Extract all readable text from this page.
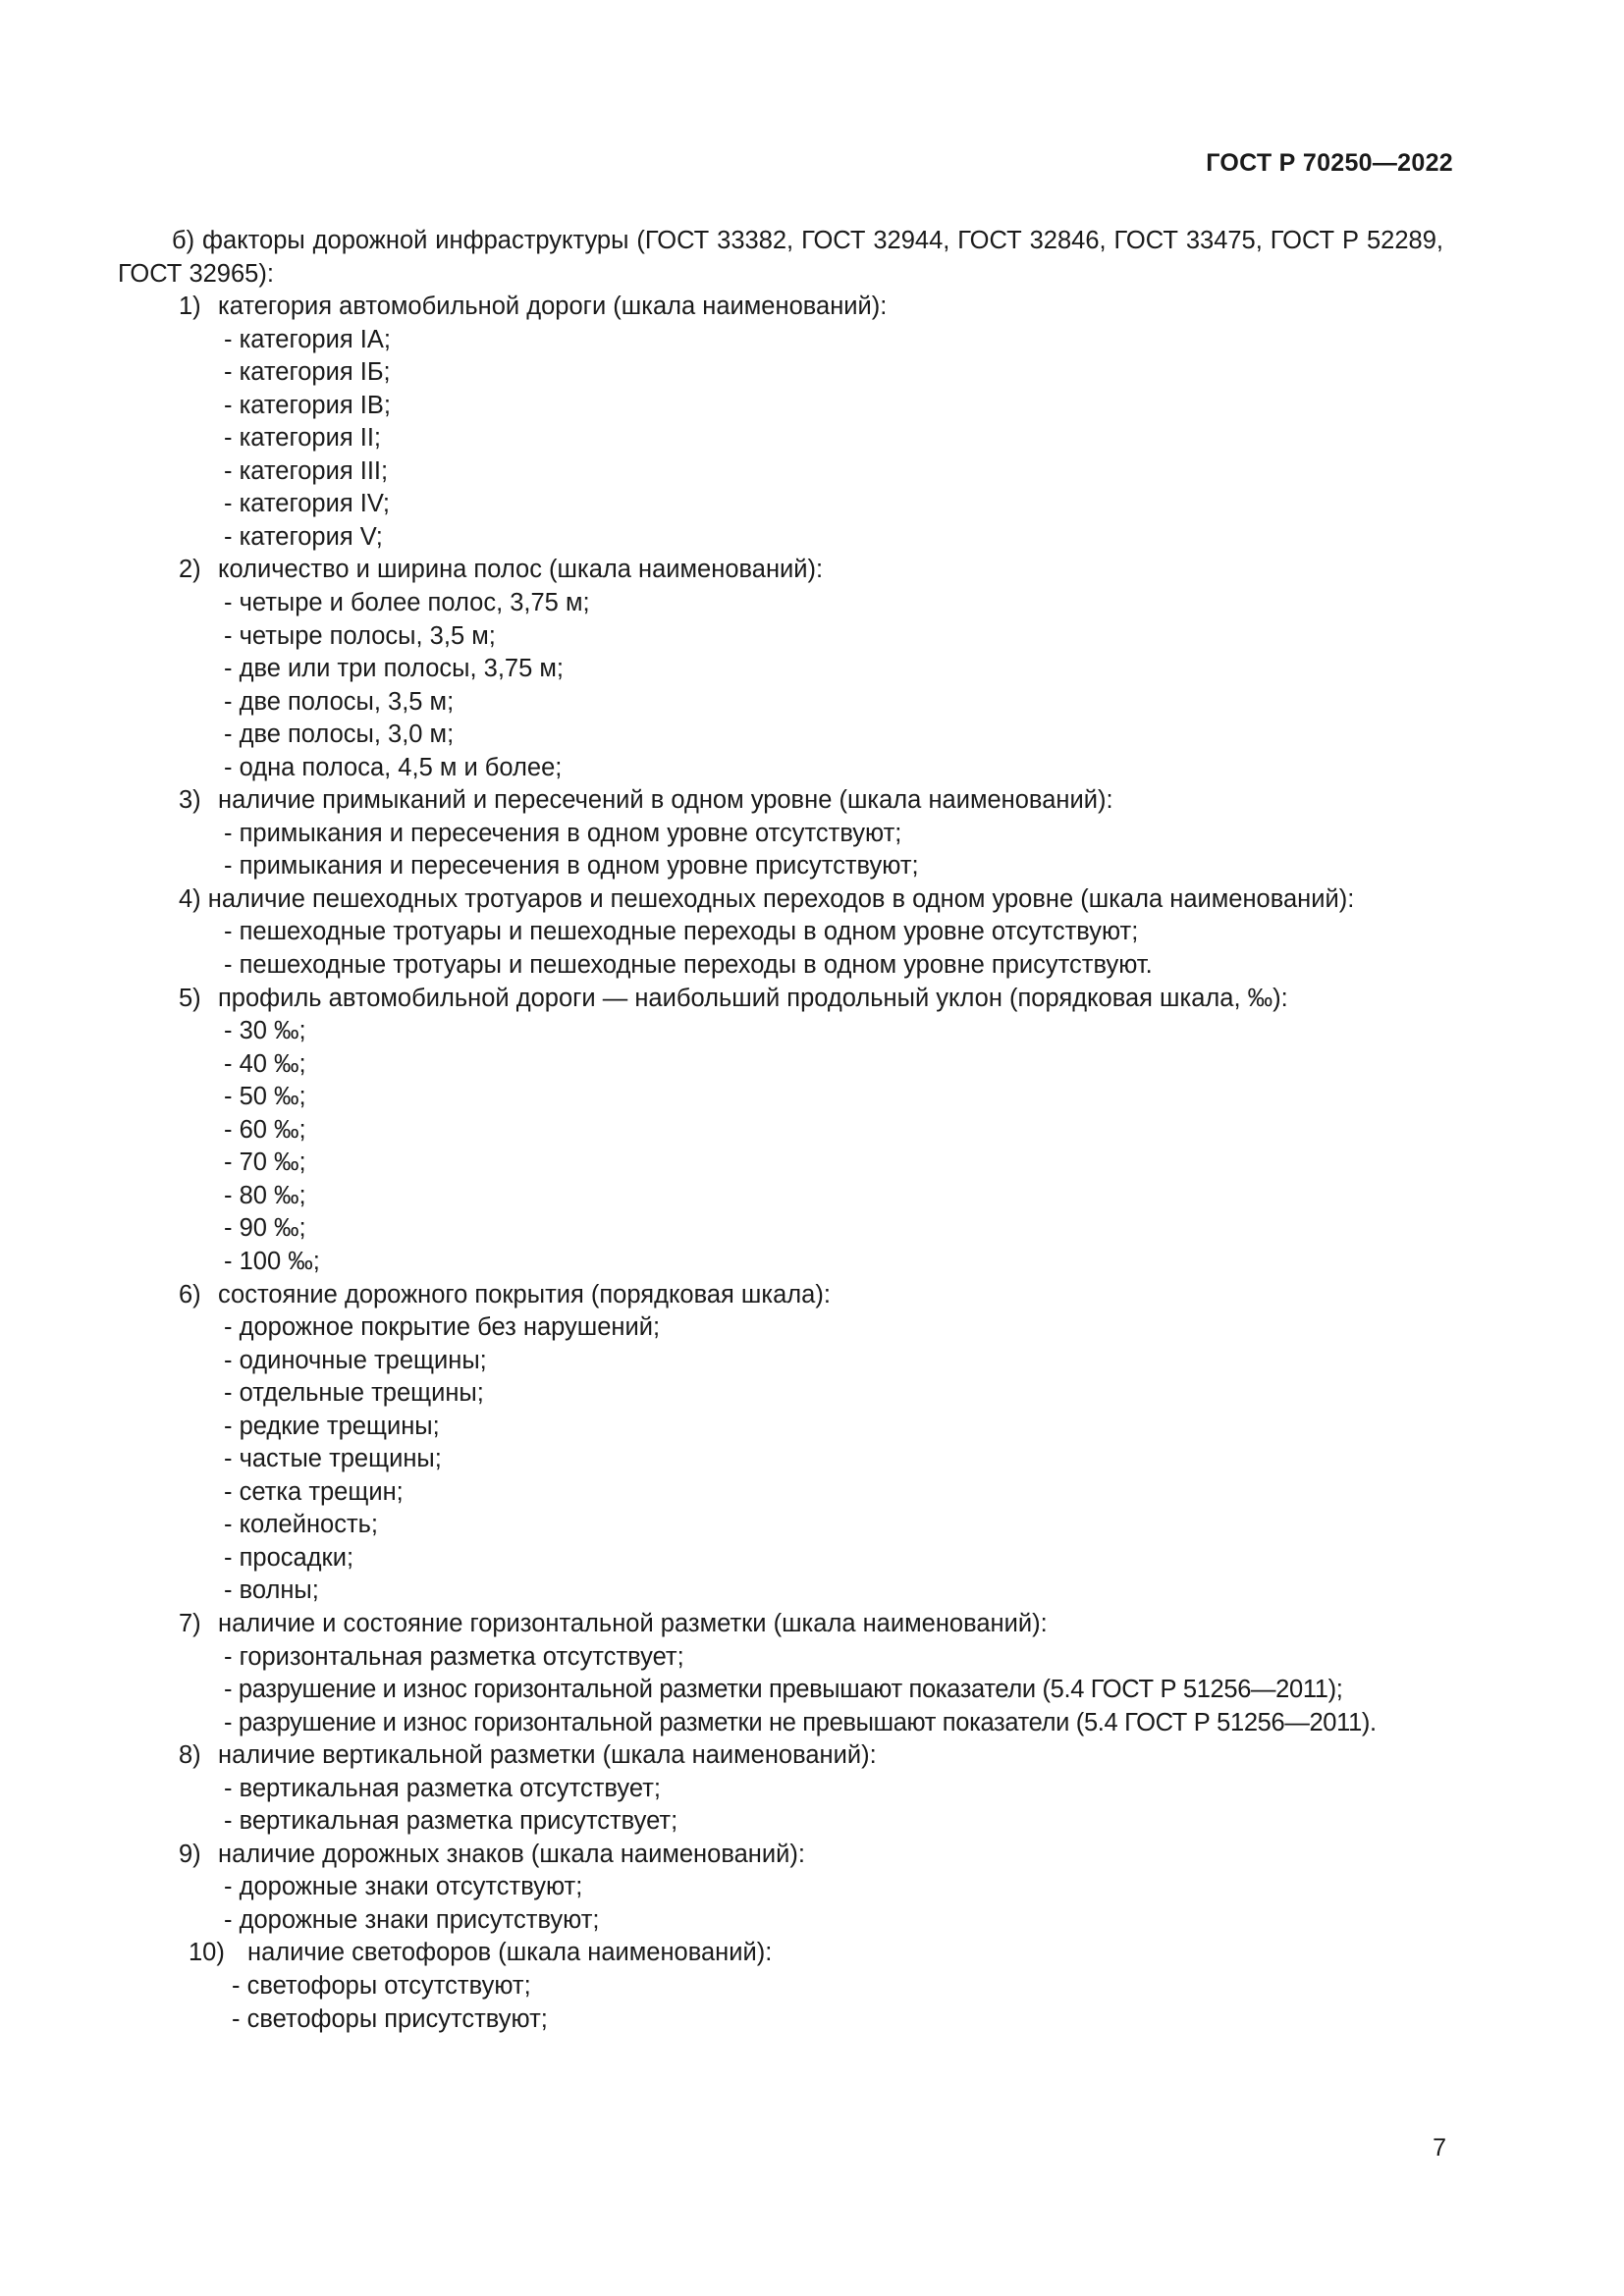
ГОСТ Р 70250—2022

б) факторы дорожной инфраструктуры (ГОСТ 33382, ГОСТ 32944, ГОСТ 32846, ГОСТ 33475, ГОСТ Р 52289, ГОСТ 32965):

1) категория автомобильной дороги (шкала наименований):

- категория IА;

- категория IБ;

- категория IВ;

- категория II;

- категория III;

- категория IV;

- категория V;

2) количество и ширина полос (шкала наименований):

- четыре и более полос, 3,75 м;

- четыре полосы, 3,5 м;

- две или три полосы, 3,75 м;

- две полосы, 3,5 м;

- две полосы, 3,0 м;

- одна полоса, 4,5 м и более;

3) наличие примыканий и пересечений в одном уровне (шкала наименований):

- примыкания и пересечения в одном уровне отсутствуют;

- примыкания и пересечения в одном уровне присутствуют;

4) наличие пешеходных тротуаров и пешеходных переходов в одном уровне (шкала наименований):

- пешеходные тротуары и пешеходные переходы в одном уровне отсутствуют;

- пешеходные тротуары и пешеходные переходы в одном уровне присутствуют.

5) профиль автомобильной дороги — наибольший продольный уклон (порядковая шкала, ‰):

- 30 ‰;

- 40 ‰;

- 50 ‰;

- 60 ‰;

- 70 ‰;

- 80 ‰;

- 90 ‰;

- 100 ‰;

6) состояние дорожного покрытия (порядковая шкала):

- дорожное покрытие без нарушений;

- одиночные трещины;

- отдельные трещины;

- редкие трещины;

- частые трещины;

- сетка трещин;

- колейность;

- просадки;

- волны;

7) наличие и состояние горизонтальной разметки (шкала наименований):

- горизонтальная разметка отсутствует;

- разрушение и износ горизонтальной разметки превышают показатели (5.4 ГОСТ Р 51256—2011);

- разрушение и износ горизонтальной разметки не превышают показатели (5.4 ГОСТ Р 51256—2011).

8) наличие вертикальной разметки (шкала наименований):

- вертикальная разметка отсутствует;

- вертикальная разметка присутствует;

9) наличие дорожных знаков (шкала наименований):

- дорожные знаки отсутствуют;

- дорожные знаки присутствуют;

10) наличие светофоров (шкала наименований):

- светофоры отсутствуют;

- светофоры присутствуют;

7
